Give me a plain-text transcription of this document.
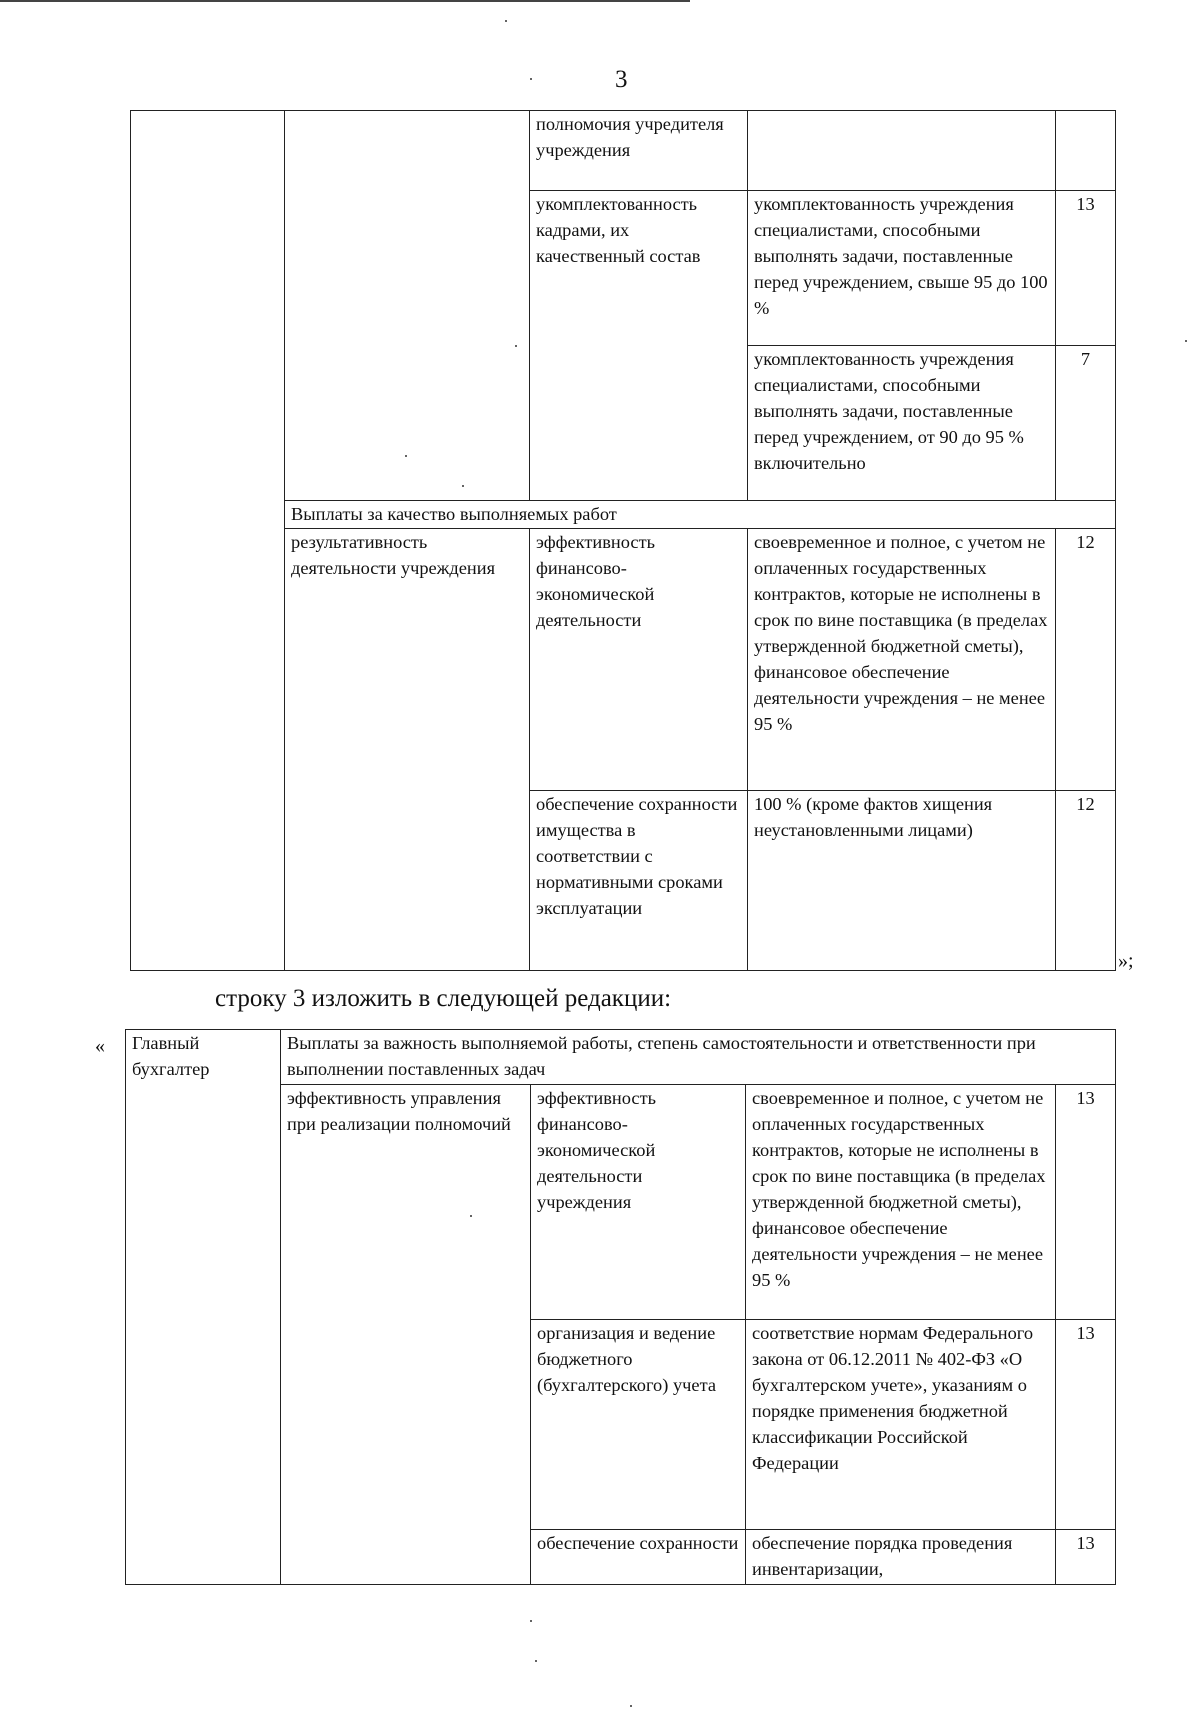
3
		полномочия учредителя учреждения		
		укомплектованность кадрами, их качественный состав	укомплектованность учреждения специалистами, способными выполнять задачи, поставленные перед учреждением, свыше 95 до 100 %	13
			укомплектованность учреждения специалистами, способными выполнять задачи, поставленные перед учреждением, от 90 до 95 % включительно	7
	Выплаты за качество выполняемых работ			
	результативность деятельности учреждения	эффективность финансово-экономической деятельности	своевременное и полное, с учетом не оплаченных государственных контрактов, которые не исполнены в срок по вине поставщика (в пределах утвержденной бюджетной сметы), финансовое обеспечение деятельности учреждения – не менее 95 %	12
		обеспечение сохранности имущества в соответствии с нормативными сроками эксплуатации	100 % (кроме фактов хищения неустановленными лицами)	12
»;
строку 3 изложить в следующей редакции:
« Главный бухгалтер	Выплаты за важность выполняемой работы, степень самостоятельности и ответственности при выполнении поставленных задач			
	эффективность управления при реализации полномочий	эффективность финансово-экономической деятельности учреждения	своевременное и полное, с учетом не оплаченных государственных контрактов, которые не исполнены в срок по вине поставщика (в пределах утвержденной бюджетной сметы), финансовое обеспечение деятельности учреждения – не менее 95 %	13
		организация и ведение бюджетного (бухгалтерского) учета	соответствие нормам Федерального закона от 06.12.2011 № 402-ФЗ «О бухгалтерском учете», указаниям о порядке применения бюджетной классификации Российской Федерации	13
		обеспечение сохранности	обеспечение порядка проведения инвентаризации,	13
